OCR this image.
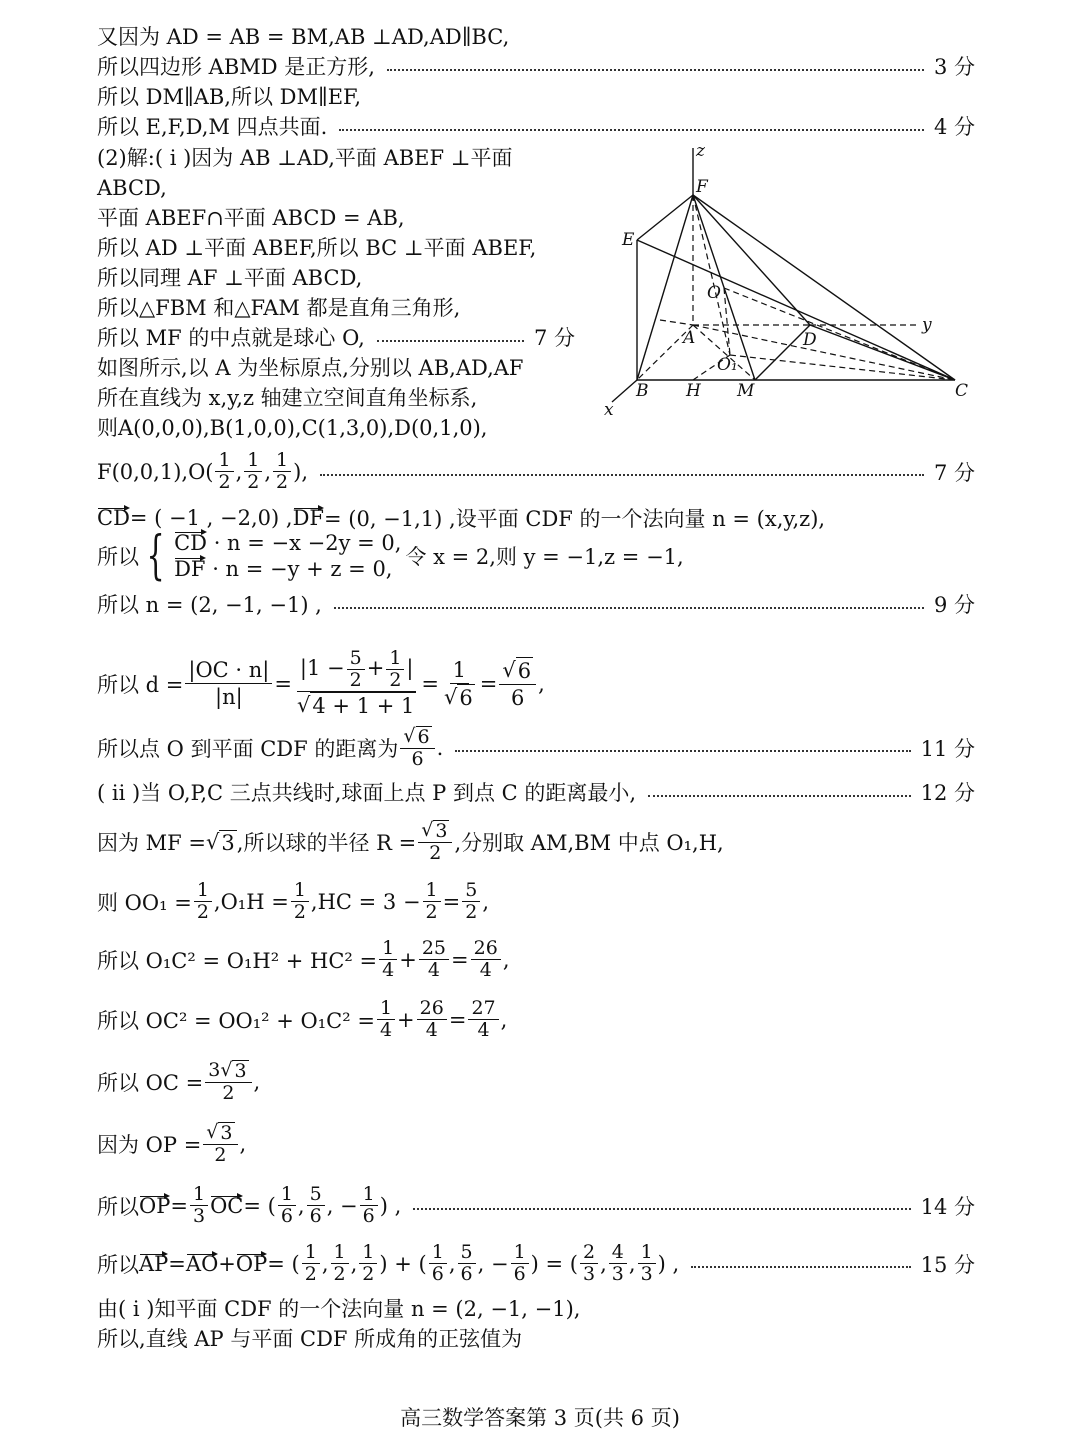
又因为 AD = AB = BM,AB ⊥AD,AD∥BC,
所以四边形 ABMD 是正方形,	3 分
所以 DM∥AB,所以 DM∥EF,
所以 E,F,D,M 四点共面.	4 分
(2)解:( i )因为 AB ⊥AD,平面 ABEF ⊥平面
ABCD,
平面 ABEF∩平面 ABCD = AB,
所以 AD ⊥平面 ABEF,所以 BC ⊥平面 ABEF,
所以同理 AF ⊥平面 ABCD,
所以△FBM 和△FAM 都是直角三角形,
所以 MF 的中点就是球心 O,	7 分
如图所示,以 A 为坐标原点,分别以 AB,AD,AF
所在直线为 x,y,z 轴建立空间直角坐标系,
则A(0,0,0),B(1,0,0),C(1,3,0),D(0,1,0),
z
F
E
O
A	D
O₁
B H M	C
x
y
$F(0,0,1),O( \frac{1}{2}$ , $\frac{1}{2}$ , $\frac{1}{2}$ ),	7 分
CD = ( −1 , −2,0) , DF = (0, −1,1) ,设平面 CDF 的一个法向量 n = (x,y,z),
所以 { CD · n = −x −2y = 0,
DF · n = −y + z = 0, 令 x = 2,则 y = −1,z = −1,
所以 n = (2, −1, −1) ,	9 分
所以 $d = \frac{|OC \cdot n|}{|n|} = \frac{|1 - \frac{5}{2} + \frac{1}{2} |}{√ 4 + 1 + 1} = \frac{1}{√ 6} = \frac{√ 6}{6}$ ,
所以点 O 到平面 CDF 的距离为 $\frac{√ 6}{6}$ .	11 分
( ii )当 O,P,C 三点共线时,球面上点 P 到点 C 的距离最小,	12 分
因为 MF = √ 3 ,所以球的半径 $R = \frac{√ 3}{2}$ ,分别取 AM,BM 中点 O₁,H,
则 $OO_1 = \frac{1}{2} ,O_1H = \frac{1}{2} ,HC = 3 - \frac{1}{2} = \frac{5}{2}$ ,
所以 $O_1C^2 = O_1H^2 + HC^2 = \frac{1}{4} + \frac{25}{4} = \frac{26}{4}$ ,
所以 $OC^2 = OO_1^2 + O_1C^2 = \frac{1}{4} + \frac{26}{4} = \frac{27}{4}$ ,
所以 OC = $\frac{3√ 3}{2}$ ,
因为 OP = $\frac{√ 3}{2}$ ,
所以 OP = $\frac{1}{3}$ OC = ( $\frac{1}{6}$ , $\frac{5}{6}$ , − $\frac{1}{6}$ ) ,	14 分
所以 AP = AO + OP = ( $\frac{1}{2}$ , $\frac{1}{2}$ , $\frac{1}{2}$ ) + ( $\frac{1}{6}$ , $\frac{5}{6}$ , − $\frac{1}{6}$ ) = ( $\frac{2}{3}$ , $\frac{4}{3}$ , $\frac{1}{3}$ ) ,	15 分
由( i )知平面 CDF 的一个法向量 n = (2, −1, −1),
所以,直线 AP 与平面 CDF 所成角的正弦值为
高三数学答案第 3 页(共 6 页)
